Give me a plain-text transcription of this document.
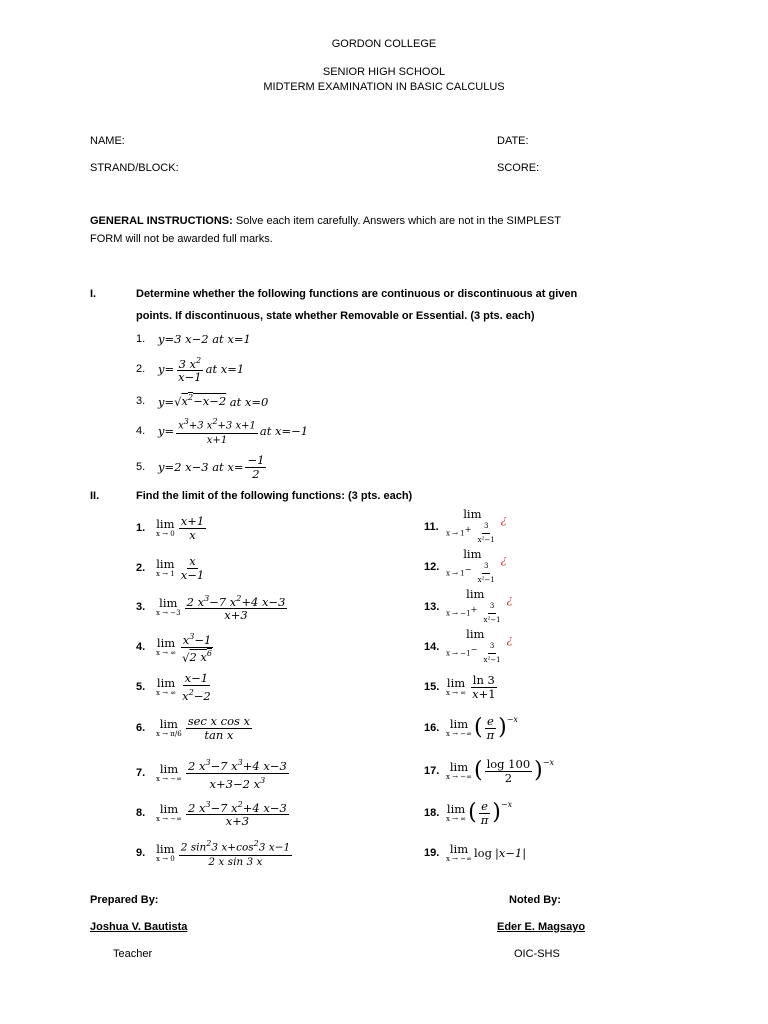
GORDON COLLEGE
SENIOR HIGH SCHOOL
MIDTERM EXAMINATION IN BASIC CALCULUS
NAME:	DATE:
STRAND/BLOCK:	SCORE:
GENERAL INSTRUCTIONS: Solve each item carefully. Answers which are not in the SIMPLEST
FORM will not be awarded full marks.
I.	Determine whether the following functions are continuous or discontinuous at given
points. If discontinuous, state whether Removable or Essential. (3 pts. each)
1.	y=3 x−2 at x=1
2.	$y= \frac{3 x^2}{x-1}$ at x=1
3.	$y=√x^2-x-2$ at x=0
4.	$y= \frac{x^3+3 x^2+3 x+1}{x+1}$ at x=−1
5.	y=2 x−3 at $x= \frac{-1}{2}$
II.	Find the limit of the following functions: (3 pts. each)
1. lim
$x \to 0 \frac{x+1}{x}$
2. lim
$x \to 1 \frac{x}{x-1}$
3.	lim
$x \to -3 \frac{2 x^3-7 x^2+4 x-3}{x+3}$
4.	lim
x → ∞ $\frac{x^3-1}{√2 x^6}$
5.	lim
x → ∞ $\frac{x-1}{x^2-2}$
6.	lim
$x \to \pi/6 \frac{\text{sec x cos x}}{\text{tan x}}$
7.	lim
x → −∞ $\frac{2 x^3-7 x^3+4 x-3}{x+3-2 x^3}$
8.	lim
x → −∞ $\frac{2 x^3-7 x^2+4 x-3}{x+3}$
9. lim
$x \to 0 \frac{2 \sin^23 x+\cos^23 x-1}{\text{2 x sin 3 x}}$
11.
lim
$x \to 1+ \frac{3}{\text{x²−1}}$
¿
12.
lim
$x \to 1- \frac{3}{\text{x²−1}}$
¿
13.
lim
$x \to -1+ \frac{3}{\text{x²−1}}$
¿
14.
lim
$x \to -1- \frac{3}{\text{x²−1}}$
¿
15. lim
x → ∞ $\frac{\ln 3}{x+1}$
16. lim
x → −∞ ( $\frac{e}{\pi}$ ) −x
17. lim
x → −∞ ( $\frac{\log 100}{2}$ ) −x
18. lim
x → ∞ ( $\frac{e}{\pi}$ ) −x
19. lim
x → −∞ log |x−1|
Prepared By:	Noted By:
Joshua V. Bautista	Eder E. Magsayo
Teacher	OIC-SHS
